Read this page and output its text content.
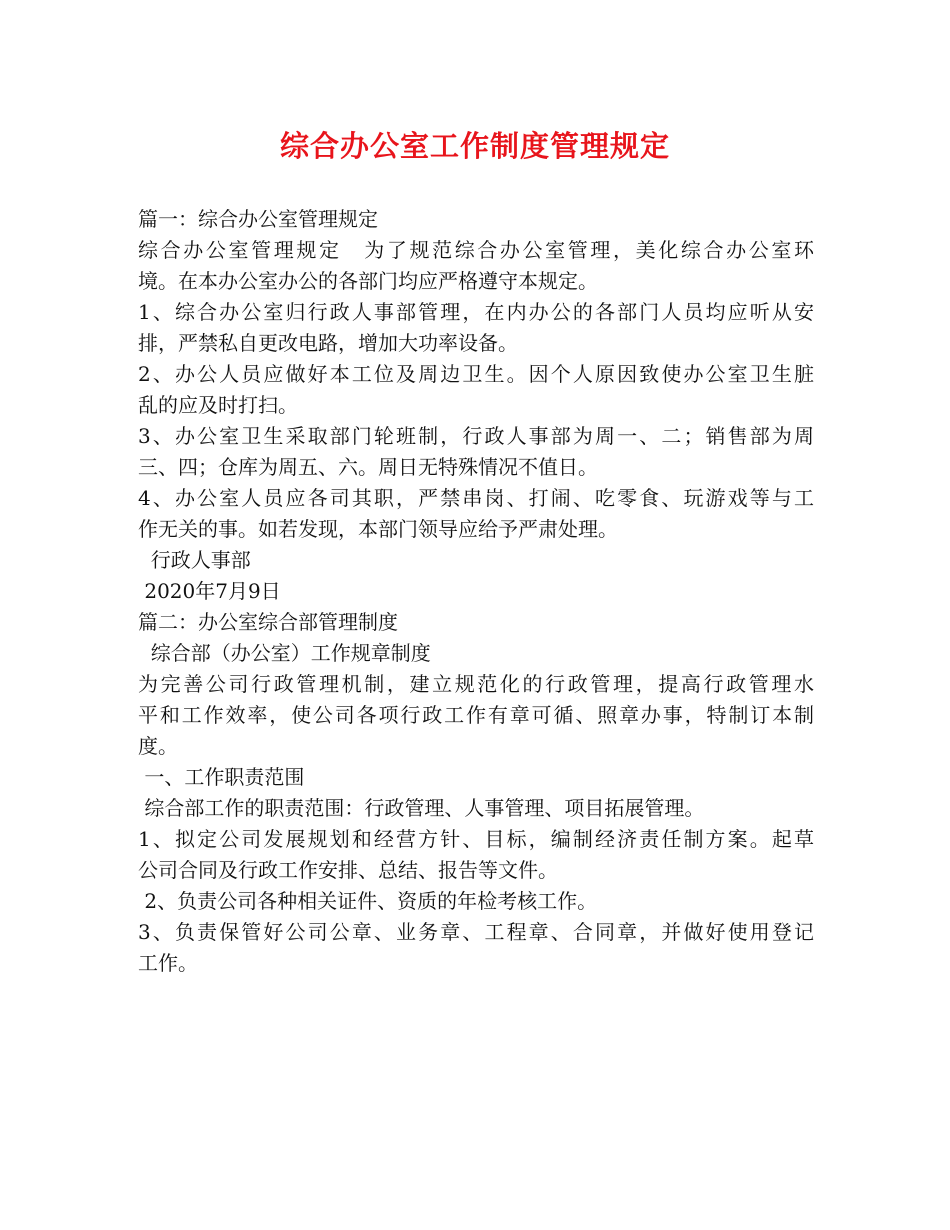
综合办公室工作制度管理规定
篇一：综合办公室管理规定
综合办公室管理规定　为了规范综合办公室管理，美化综合办公室环
境。在本办公室办公的各部门均应严格遵守本规定。
1、综合办公室归行政人事部管理，在内办公的各部门人员均应听从安
排，严禁私自更改电路，增加大功率设备。
2、办公人员应做好本工位及周边卫生。因个人原因致使办公室卫生脏
乱的应及时打扫。
3、办公室卫生采取部门轮班制，行政人事部为周一、二；销售部为周
三、四；仓库为周五、六。周日无特殊情况不值日。
4、办公室人员应各司其职，严禁串岗、打闹、吃零食、玩游戏等与工
作无关的事。如若发现，本部门领导应给予严肃处理。
行政人事部
2020年7月9日
篇二：办公室综合部管理制度
综合部（办公室）工作规章制度
为完善公司行政管理机制，建立规范化的行政管理，提高行政管理水
平和工作效率，使公司各项行政工作有章可循、照章办事，特制订本制
度。
一、工作职责范围
综合部工作的职责范围：行政管理、人事管理、项目拓展管理。
1、拟定公司发展规划和经营方针、目标，编制经济责任制方案。起草
公司合同及行政工作安排、总结、报告等文件。
2、负责公司各种相关证件、资质的年检考核工作。
3、负责保管好公司公章、业务章、工程章、合同章，并做好使用登记
工作。
